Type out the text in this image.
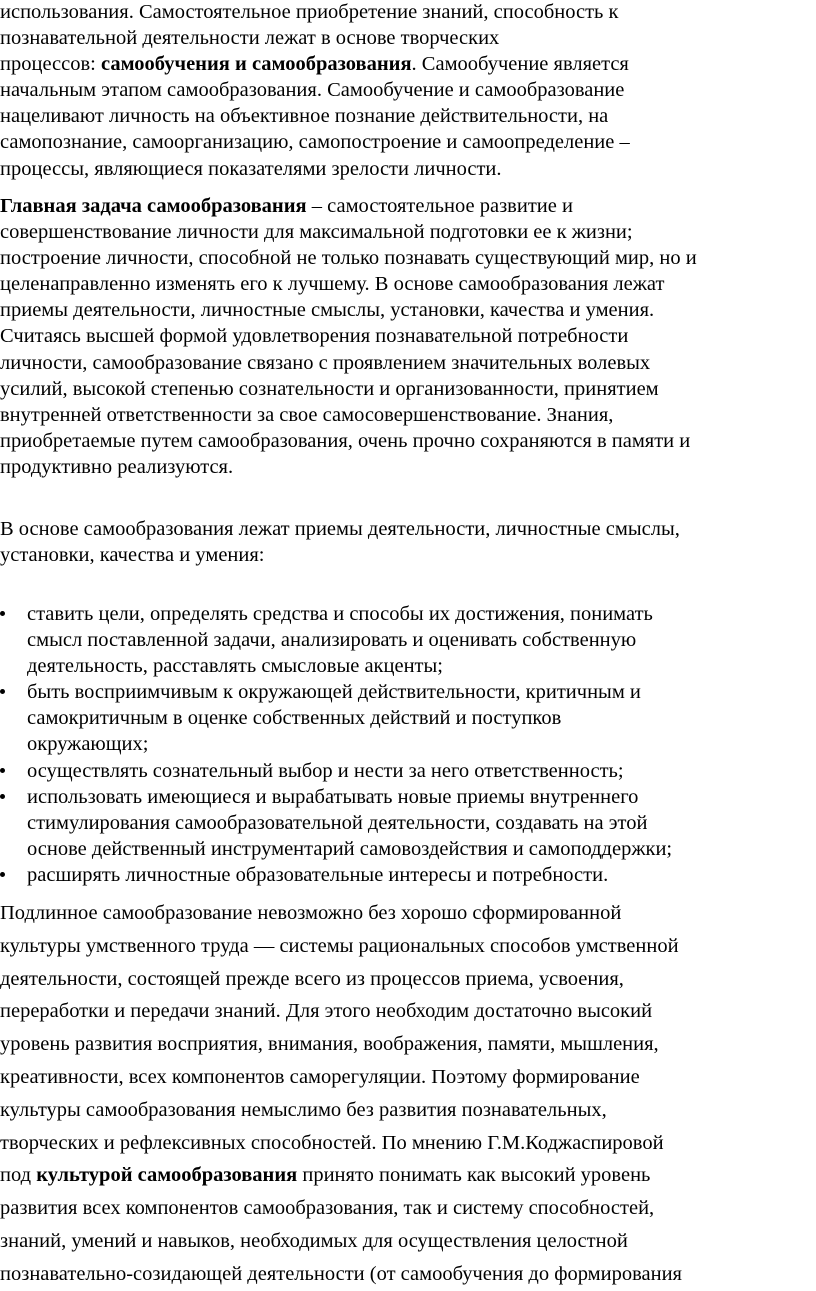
использования. Самостоятельное приобретение знаний, способность к
познавательной деятельности лежат в основе творческих
процессов: самообучения и самообразования. Самообучение является
начальным этапом самообразования. Самообучение и самообразование
нацеливают личность на объективное познание действительности, на
самопознание, самоорганизацию, самопостроение и самоопределение –
процессы, являющиеся показателями зрелости личности.

Главная задача самообразования – самостоятельное развитие и
совершенствование личности для максимальной подготовки ее к жизни;
построение личности, способной не только познавать существующий мир, но и
целенаправленно изменять его к лучшему. В основе самообразования лежат
приемы деятельности, личностные смыслы, установки, качества и умения.
Считаясь высшей формой удовлетворения познавательной потребности
личности, самообразование связано с проявлением значительных волевых
усилий, высокой степенью сознательности и организованности, принятием
внутренней ответственности за свое самосовершенствование. Знания,
приобретаемые путем самообразования, очень прочно сохраняются в памяти и
продуктивно реализуются.

В основе самообразования лежат приемы деятельности, личностные смыслы,
установки, качества и умения:

ставить цели, определять средства и способы их достижения, понимать
смысл поставленной задачи, анализировать и оценивать собственную
деятельность, расставлять смысловые акценты;
быть восприимчивым к окружающей действительности, критичным и
самокритичным в оценке собственных действий и поступков
окружающих;
осуществлять сознательный выбор и нести за него ответственность;
использовать имеющиеся и вырабатывать новые приемы внутреннего
стимулирования самообразовательной деятельности, создавать на этой
основе действенный инструментарий самовоздействия и самоподдержки;
расширять личностные образовательные интересы и потребности.

Подлинное самообразование невозможно без хорошо сформированной
культуры умственного труда — системы рациональных способов умственной
деятельности, состоящей прежде всего из процессов приема, усвоения,
переработки и передачи знаний. Для этого необходим достаточно высокий
уровень развития восприятия, внимания, воображения, памяти, мышления,
креативности, всех компонентов саморегуляции. Поэтому формирование
культуры самообразования немыслимо без развития познавательных,
творческих и рефлексивных способностей. По мнению Г.М.Коджаспировой
под культурой самообразования принято понимать как высокий уровень
развития всех компонентов самообразования, так и систему способностей,
знаний, умений и навыков, необходимых для осуществления целостной
познавательно-созидающей деятельности (от самообучения до формирования
